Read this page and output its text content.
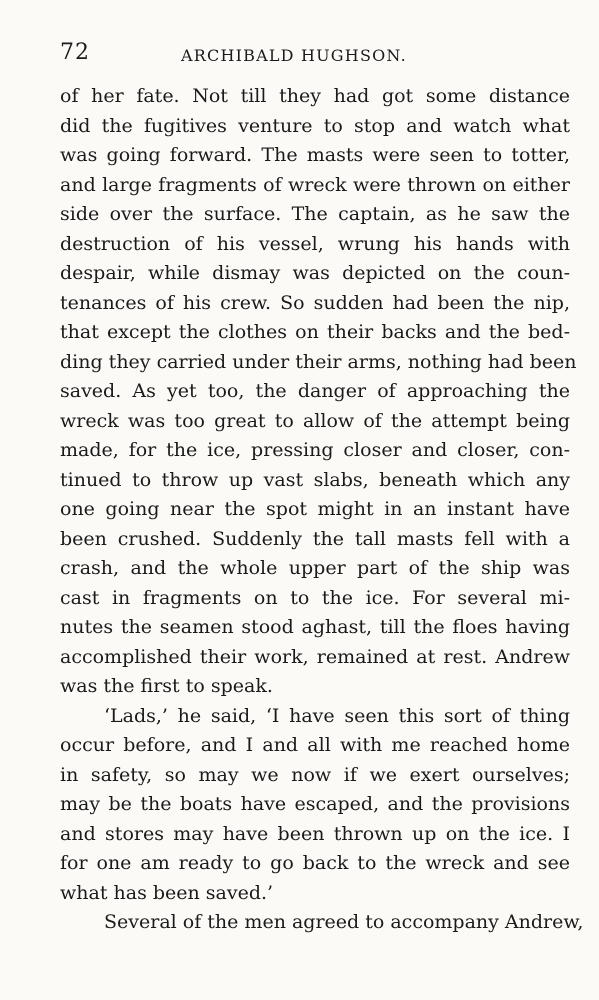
72	ARCHIBALD HUGHSON.
of her fate. Not till they had got some distance
did the fugitives venture to stop and watch what
was going forward. The masts were seen to totter,
and large fragments of wreck were thrown on either
side over the surface. The captain, as he saw the
destruction of his vessel, wrung his hands with
despair, while dismay was depicted on the coun-
tenances of his crew. So sudden had been the nip,
that except the clothes on their backs and the bed-
ding they carried under their arms, nothing had been
saved. As yet too, the danger of approaching the
wreck was too great to allow of the attempt being
made, for the ice, pressing closer and closer, con-
tinued to throw up vast slabs, beneath which any
one going near the spot might in an instant have
been crushed. Suddenly the tall masts fell with a
crash, and the whole upper part of the ship was
cast in fragments on to the ice. For several mi-
nutes the seamen stood aghast, till the floes having
accomplished their work, remained at rest. Andrew
was the first to speak.
‘Lads,’ he said, ‘I have seen this sort of thing
occur before, and I and all with me reached home
in safety, so may we now if we exert ourselves;
may be the boats have escaped, and the provisions
and stores may have been thrown up on the ice. I
for one am ready to go back to the wreck and see
what has been saved.’
Several of the men agreed to accompany Andrew,
